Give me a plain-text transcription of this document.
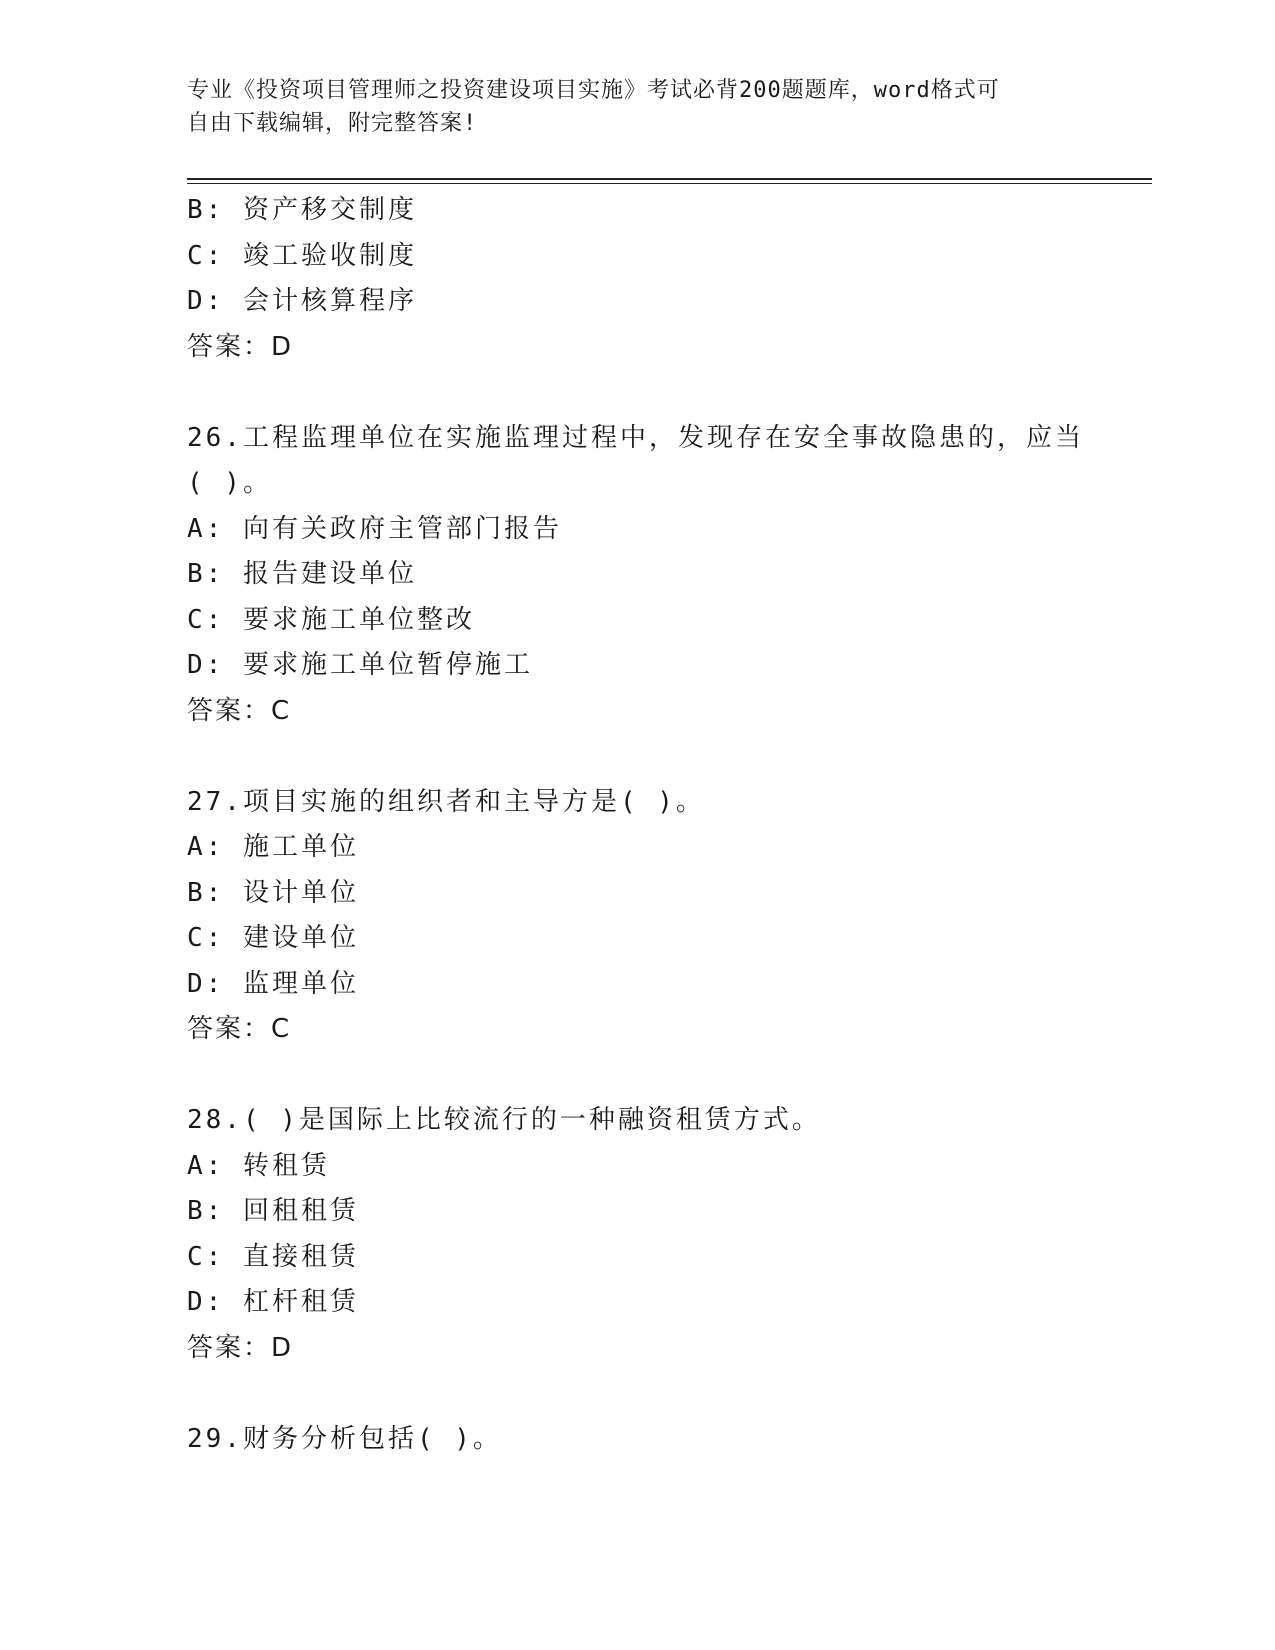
专业《投资项目管理师之投资建设项目实施》考试必背200题题库，word格式可
自由下载编辑，附完整答案!
B: 资产移交制度
C: 竣工验收制度
D: 会计核算程序
答案：D
26.工程监理单位在实施监理过程中，发现存在安全事故隐患的，应当
( )。
A: 向有关政府主管部门报告
B: 报告建设单位
C: 要求施工单位整改
D: 要求施工单位暂停施工
答案：C
27.项目实施的组织者和主导方是( )。
A: 施工单位
B: 设计单位
C: 建设单位
D: 监理单位
答案：C
28.( )是国际上比较流行的一种融资租赁方式。
A: 转租赁
B: 回租租赁
C: 直接租赁
D: 杠杆租赁
答案：D
29.财务分析包括( )。
